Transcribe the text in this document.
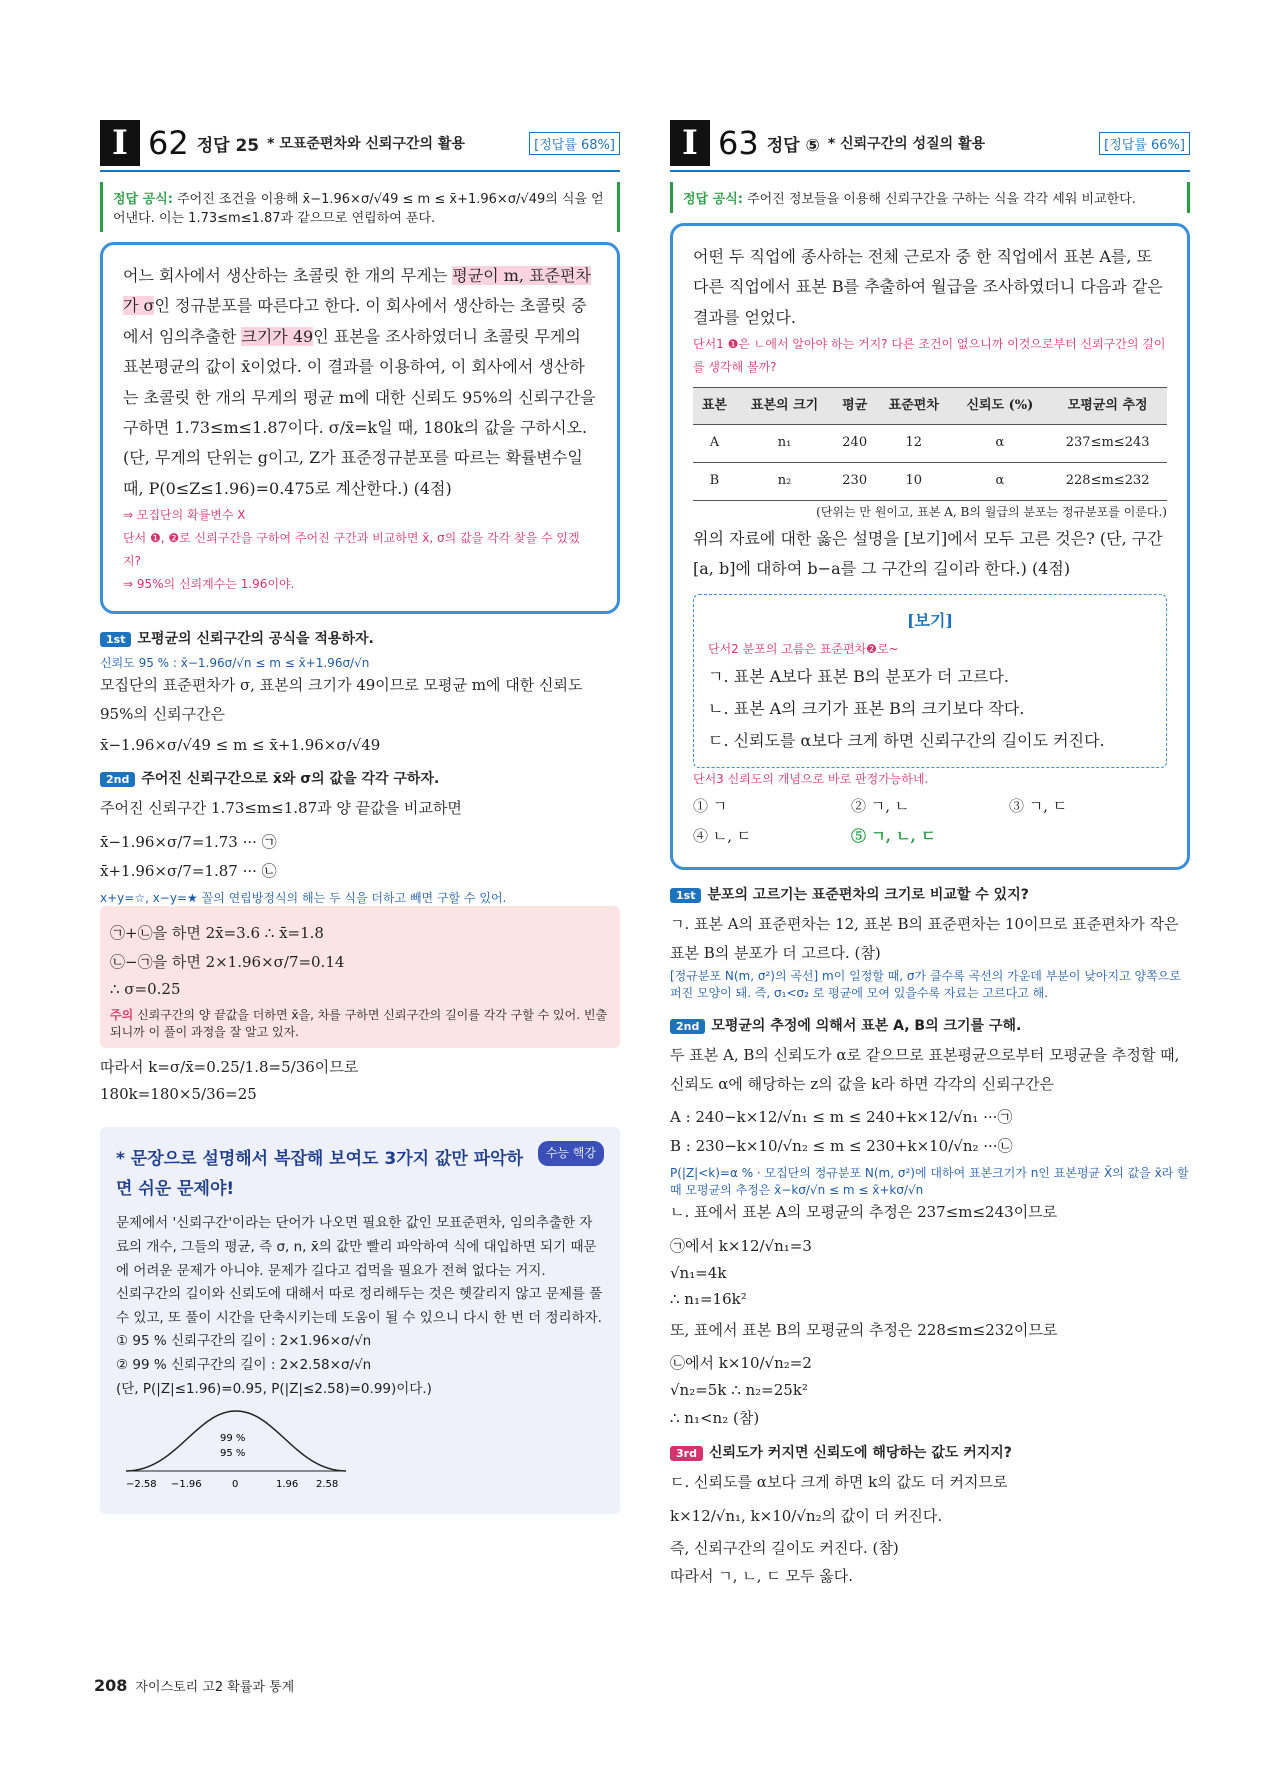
I 62 정답 25 * 모표준편차와 신뢰구간의 활용	[정답률 68%]
정답 공식: 주어진 조건을 이용해 x̄−1.96×σ/√49 ≤ m ≤ x̄+1.96×σ/√49의 식을 얻어낸다. 이는 1.73≤m≤1.87과 같으므로 연립하여 푼다.
어느 회사에서 생산하는 초콜릿 한 개의 무게는 평균이 m, 표준편차가 σ인 정규분포를 따른다고 한다. 이 회사에서 생산하는 초콜릿 중에서 임의추출한 크기가 49인 표본을 조사하였더니 초콜릿 무게의 표본평균의 값이 x̄이었다. 이 결과를 이용하여, 이 회사에서 생산하는 초콜릿 한 개의 무게의 평균 m에 대한 신뢰도 95%의 신뢰구간을 구하면 1.73≤m≤1.87이다. σ/x̄=k일 때, 180k의 값을 구하시오. (단, 무게의 단위는 g이고, Z가 표준정규분포를 따르는 확률변수일 때, P(0≤Z≤1.96)=0.475로 계산한다.) (4점)
⇒ 모집단의 확률변수 X
단서 ❶, ❷로 신뢰구간을 구하여 주어진 구간과 비교하면 x̄, σ의 값을 각각 찾을 수 있겠지?
⇒ 95%의 신뢰계수는 1.96이야.
1st 모평균의 신뢰구간의 공식을 적용하자.
신뢰도 95 % : x̄−1.96σ/√n ≤ m ≤ x̄+1.96σ/√n
모집단의 표준편차가 σ, 표본의 크기가 49이므로 모평균 m에 대한 신뢰도 95%의 신뢰구간은
x̄−1.96×σ/√49 ≤ m ≤ x̄+1.96×σ/√49
2nd 주어진 신뢰구간으로 x̄와 σ의 값을 각각 구하자.
주어진 신뢰구간 1.73≤m≤1.87과 양 끝값을 비교하면
x̄−1.96×σ/7=1.73 ··· ㉠
x̄+1.96×σ/7=1.87 ··· ㉡
x+y=☆, x−y=★ 꼴의 연립방정식의 해는 두 식을 더하고 빼면 구할 수 있어.
㉠+㉡을 하면 2x̄=3.6 ∴ x̄=1.8
㉡−㉠을 하면 2×1.96×σ/7=0.14
∴ σ=0.25
주의 신뢰구간의 양 끝값을 더하면 x̄을, 차를 구하면 신뢰구간의 길이를 각각 구할 수 있어. 빈출되니까 이 풀이 과정을 잘 알고 있자.
따라서 k=σ/x̄=0.25/1.8=5/36이므로
180k=180×5/36=25
수능 핵강
* 문장으로 설명해서 복잡해 보여도 3가지 값만 파악하면 쉬운 문제야!
문제에서 '신뢰구간'이라는 단어가 나오면 필요한 값인 모표준편차, 임의추출한 자료의 개수, 그들의 평균, 즉 σ, n, x̄의 값만 빨리 파악하여 식에 대입하면 되기 때문에 어려운 문제가 아니야. 문제가 길다고 겁먹을 필요가 전혀 없다는 거지.
신뢰구간의 길이와 신뢰도에 대해서 따로 정리해두는 것은 헷갈리지 않고 문제를 풀 수 있고, 또 풀이 시간을 단축시키는데 도움이 될 수 있으니 다시 한 번 더 정리하자.
① 95 % 신뢰구간의 길이 : 2×1.96×σ/√n
② 99 % 신뢰구간의 길이 : 2×2.58×σ/√n
(단, P(|Z|≤1.96)=0.95, P(|Z|≤2.58)=0.99)이다.)
−2.58 −1.96	0	1.96 2.58
95 %
99 %
I 63 정답 ⑤ * 신뢰구간의 성질의 활용	[정답률 66%]
정답 공식: 주어진 정보들을 이용해 신뢰구간을 구하는 식을 각각 세워 비교한다.
어떤 두 직업에 종사하는 전체 근로자 중 한 직업에서 표본 A를, 또 다른 직업에서 표본 B를 추출하여 월급을 조사하였더니 다음과 같은 결과를 얻었다.
단서1 ❶은 ㄴ에서 알아야 하는 거지? 다른 조건이 없으니까 이것으로부터 신뢰구간의 길이를 생각해 볼까?
표본	표본의 크기	평균	표준편차	신뢰도 (%)	모평균의 추정
A	n₁	240	12	α	237≤m≤243
B	n₂	230	10	α	228≤m≤232
(단위는 만 원이고, 표본 A, B의 월급의 분포는 정규분포를 이룬다.)
위의 자료에 대한 옳은 설명을 [보기]에서 모두 고른 것은? (단, 구간 [a, b]에 대하여 b−a를 그 구간의 길이라 한다.) (4점)
[보기]
단서2 분포의 고름은 표준편차❷로~
ㄱ. 표본 A보다 표본 B의 분포가 더 고르다.
ㄴ. 표본 A의 크기가 표본 B의 크기보다 작다.
ㄷ. 신뢰도를 α보다 크게 하면 신뢰구간의 길이도 커진다.
단서3 신뢰도의 개념으로 바로 판정가능하네.
① ㄱ	② ㄱ, ㄴ	③ ㄱ, ㄷ
④ ㄴ, ㄷ	⑤ ㄱ, ㄴ, ㄷ
1st 분포의 고르기는 표준편차의 크기로 비교할 수 있지?
ㄱ. 표본 A의 표준편차는 12, 표본 B의 표준편차는 10이므로 표준편차가 작은 표본 B의 분포가 더 고르다. (참)
[정규분포 N(m, σ²)의 곡선] m이 일정할 때, σ가 클수록 곡선의 가운데 부분이 낮아지고 양쪽으로 퍼진 모양이 돼. 즉, σ₁<σ₂ 로 평균에 모여 있을수록 자료는 고르다고 해.
2nd 모평균의 추정에 의해서 표본 A, B의 크기를 구해.
두 표본 A, B의 신뢰도가 α로 같으므로 표본평균으로부터 모평균을 추정할 때, 신뢰도 α에 해당하는 z의 값을 k라 하면 각각의 신뢰구간은
A : 240−k×12/√n₁ ≤ m ≤ 240+k×12/√n₁ ···㉠
B : 230−k×10/√n₂ ≤ m ≤ 230+k×10/√n₂ ···㉡
P(|Z|<k)=α % · 모집단의 정규분포 N(m, σ²)에 대하여 표본크기가 n인 표본평균 X̄의 값을 x̄라 할 때 모평균의 추정은 x̄−kσ/√n ≤ m ≤ x̄+kσ/√n
ㄴ. 표에서 표본 A의 모평균의 추정은 237≤m≤243이므로
㉠에서 k×12/√n₁=3
√n₁=4k
∴ n₁=16k²
또, 표에서 표본 B의 모평균의 추정은 228≤m≤232이므로
㉡에서 k×10/√n₂=2
√n₂=5k ∴ n₂=25k²
∴ n₁<n₂ (참)
3rd 신뢰도가 커지면 신뢰도에 해당하는 값도 커지지?
ㄷ. 신뢰도를 α보다 크게 하면 k의 값도 더 커지므로
k×12/√n₁, k×10/√n₂의 값이 더 커진다.
즉, 신뢰구간의 길이도 커진다. (참)
따라서 ㄱ, ㄴ, ㄷ 모두 옳다.
208 자이스토리 고2 확률과 통계
